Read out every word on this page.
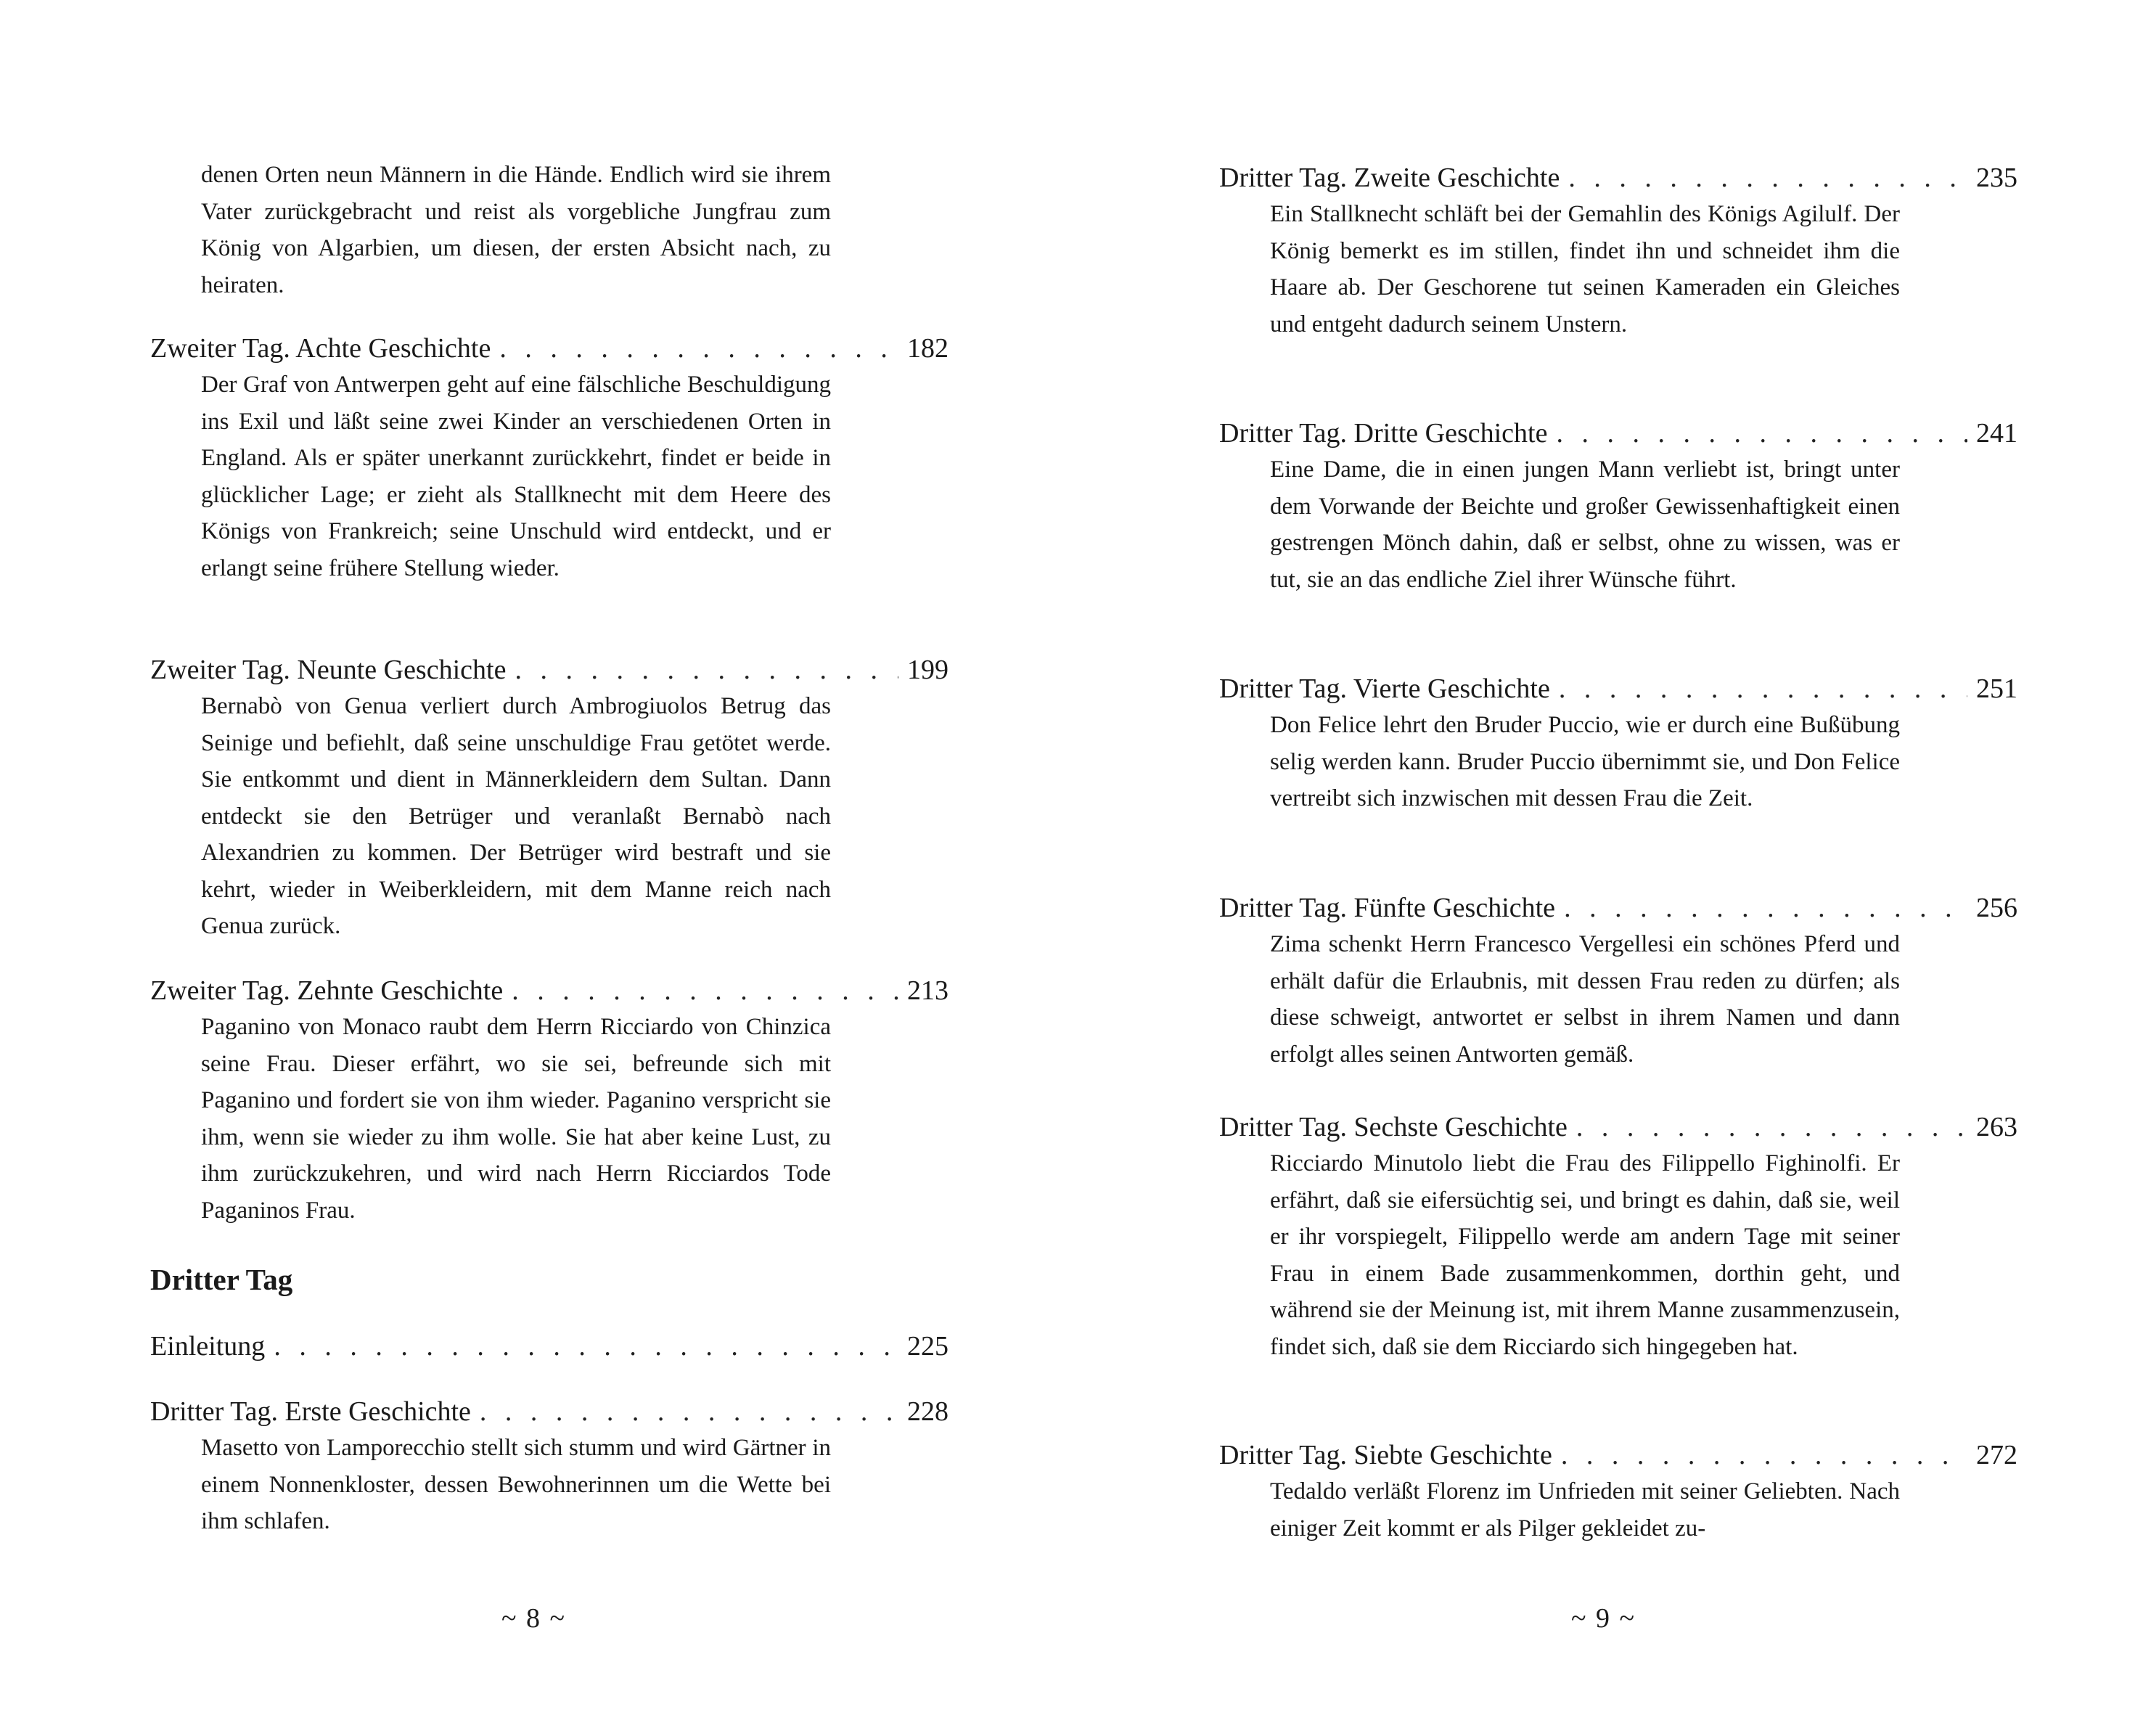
denen Orten neun Männern in die Hände. Endlich wird sie ihrem Vater zurückgebracht und reist als vorgebliche Jungfrau zum König von Algarbien, um diesen, der ersten Absicht nach, zu heiraten.

Zweiter Tag. Achte Geschichte . . .	182

Der Graf von Antwerpen geht auf eine fälschliche Beschuldigung ins Exil und läßt seine zwei Kinder an verschiedenen Orten in England. Als er später unerkannt zurückkehrt, findet er beide in glücklicher Lage; er zieht als Stallknecht mit dem Heere des Königs von Frankreich; seine Unschuld wird entdeckt, und er erlangt seine frühere Stellung wieder.

Zweiter Tag. Neunte Geschichte . . .	199

Bernabò von Genua verliert durch Ambrogiuolos Betrug das Seinige und befiehlt, daß seine unschuldige Frau getötet werde. Sie entkommt und dient in Männerkleidern dem Sultan. Dann entdeckt sie den Betrüger und veranlaßt Bernabò nach Alexandrien zu kommen. Der Betrüger wird bestraft und sie kehrt, wieder in Weiberkleidern, mit dem Manne reich nach Genua zurück.

Zweiter Tag. Zehnte Geschichte . . .	213

Paganino von Monaco raubt dem Herrn Ricciardo von Chinzica seine Frau. Dieser erfährt, wo sie sei, befreunde sich mit Paganino und fordert sie von ihm wieder. Paganino verspricht sie ihm, wenn sie wieder zu ihm wolle. Sie hat aber keine Lust, zu ihm zurückzukehren, und wird nach Herrn Ricciardos Tode Paganinos Frau.

Dritter Tag
Einleitung . . .	225
Dritter Tag. Erste Geschichte . . .	228

Masetto von Lamporecchio stellt sich stumm und wird Gärtner in einem Nonnenkloster, dessen Bewohnerinnen um die Wette bei ihm schlafen.

~ 8 ~
Dritter Tag. Zweite Geschichte . . .	235

Ein Stallknecht schläft bei der Gemahlin des Königs Agilulf. Der König bemerkt es im stillen, findet ihn und schneidet ihm die Haare ab. Der Geschorene tut seinen Kameraden ein Gleiches und entgeht dadurch seinem Unstern.

Dritter Tag. Dritte Geschichte . . .	241

Eine Dame, die in einen jungen Mann verliebt ist, bringt unter dem Vorwande der Beichte und großer Gewissenhaftigkeit einen gestrengen Mönch dahin, daß er selbst, ohne zu wissen, was er tut, sie an das endliche Ziel ihrer Wünsche führt.

Dritter Tag. Vierte Geschichte . . .	251

Don Felice lehrt den Bruder Puccio, wie er durch eine Bußübung selig werden kann. Bruder Puccio übernimmt sie, und Don Felice vertreibt sich inzwischen mit dessen Frau die Zeit.

Dritter Tag. Fünfte Geschichte . . .	256

Zima schenkt Herrn Francesco Vergellesi ein schönes Pferd und erhält dafür die Erlaubnis, mit dessen Frau reden zu dürfen; als diese schweigt, antwortet er selbst in ihrem Namen und dann erfolgt alles seinen Antworten gemäß.

Dritter Tag. Sechste Geschichte . . .	263

Ricciardo Minutolo liebt die Frau des Filippello Fighinolfi. Er erfährt, daß sie eifersüchtig sei, und bringt es dahin, daß sie, weil er ihr vorspiegelt, Filippello werde am andern Tage mit seiner Frau in einem Bade zusammenkommen, dorthin geht, und während sie der Meinung ist, mit ihrem Manne zusammenzusein, findet sich, daß sie dem Ricciardo sich hingegeben hat.

Dritter Tag. Siebte Geschichte . . .	272

Tedaldo verläßt Florenz im Unfrieden mit seiner Geliebten. Nach einiger Zeit kommt er als Pilger gekleidet zu-

~ 9 ~
